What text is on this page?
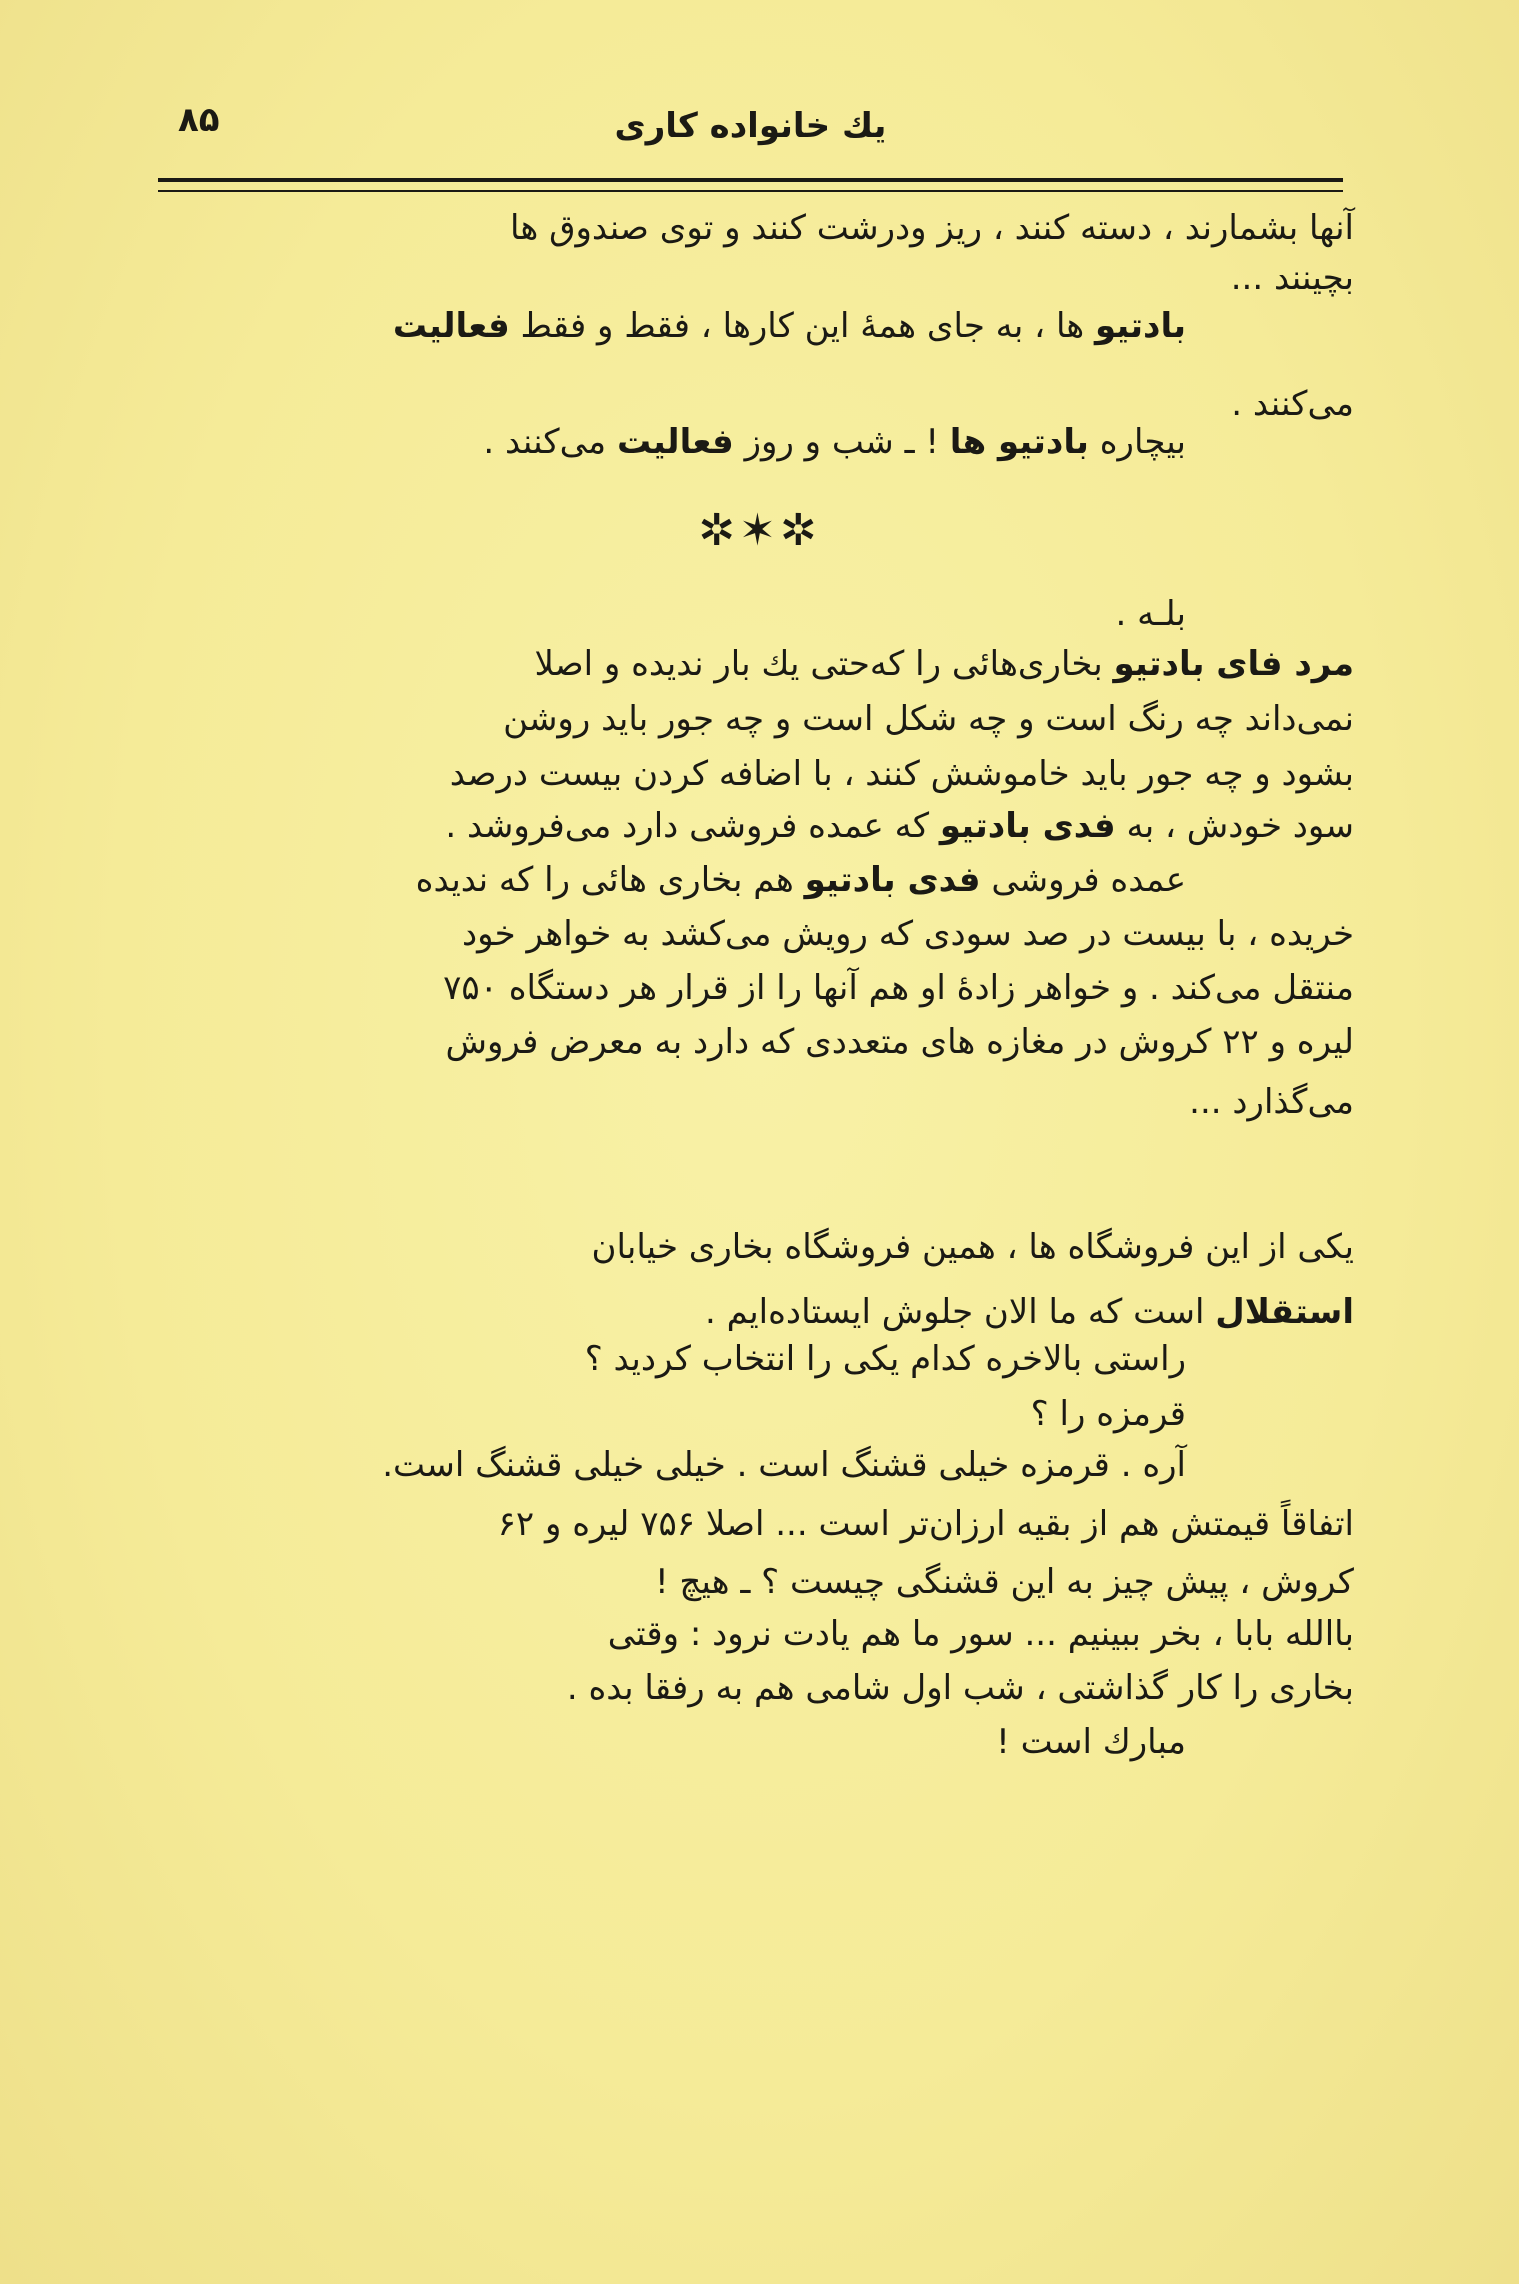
۸۵	یك خانواده كاری
آنها بشمارند ، دسته کنند ، ریز ودرشت کنند و توی صندوق ها
بچینند ...
بادتیو ها ، به جای همهٔ این کارها ، فقط و فقط فعالیت
می‌کنند .
بیچاره بادتیو ها ! ـ شب و روز فعالیت می‌کنند .
✲✶✲
بلـه .
مرد فای بادتیو بخاری‌هائی را که‌حتی یك بار ندیده و اصلا
نمی‌داند چه رنگ است و چه شکل است و چه جور باید روشن
بشود و چه جور باید خاموشش کنند ، با اضافه کردن بیست درصد
سود خودش ، به فدی بادتیو که عمده فروشی دارد می‌فروشد .
عمده فروشی فدی بادتیو هم بخاری هائی را که ندیده
خریده ، با بیست در صد سودی که رویش می‌کشد به خواهر خود
منتقل می‌کند . و خواهر زادهٔ او هم آنها را از قرار هر دستگاه ۷۵۰
لیره و ۲۲ کروش در مغازه های متعددی که دارد به معرض فروش
می‌گذارد ...
یکی از این فروشگاه ها ، همین فروشگاه بخاری خیابان
استقلال است که ما الان جلوش ایستاده‌ایم .
راستی بالاخره کدام یکی را انتخاب کردید ؟
قرمزه را ؟
آره . قرمزه خیلی قشنگ است . خیلی خیلی قشنگ است.
اتفاقاً قیمتش هم از بقیه ارزان‌تر است ... اصلا ۷۵۶ لیره و ۶۲
کروش ، پیش چیز به این قشنگی چیست ؟ ـ هیچ !
باالله بابا ، بخر ببینیم ... سور ما هم یادت نرود : وقتی
بخاری را کار گذاشتی ، شب اول شامی هم به رفقا بده .
مبارك است !
